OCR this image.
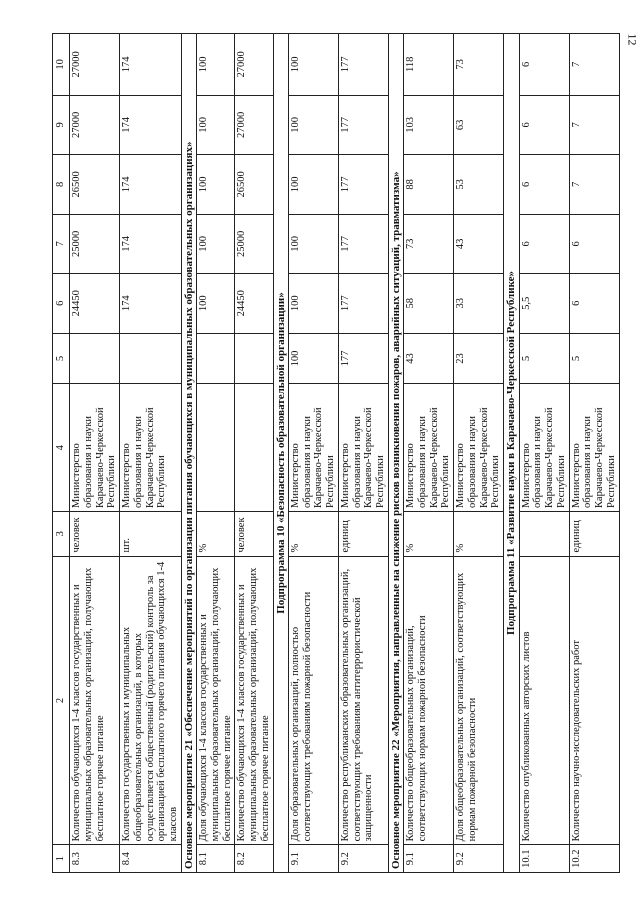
12
1	2	3	4	5	6	7	8	9	10
8.3	Количество обучающихся 1-4 классов государственных и муниципальных образовательных организаций, получающих бесплатное горячее питание	человек	Министерство образования и науки Карачаево-Черкесской Республики		24450	25000	26500	27000	27000
8.4	Количество государственных и муниципальных общеобразовательных организаций, в которых осуществляется общественный (родительский) контроль за организацией бесплатного горячего питания обучающихся 1-4 классов	шт.	Министерство образования и науки Карачаево-Черкесской Республики		174	174	174	174	174
Основное мероприятие 21 «Обеспечение мероприятий по организации питания обучающихся в муниципальных образовательных организациях»									
8.1	Доля обучающихся 1-4 классов государственных и муниципальных образовательных организаций, получающих бесплатное горячее питание	%			100	100	100	100	100
8.2	Количество обучающихся 1-4 классов государственных и муниципальных образовательных организаций, получающих бесплатное горячее питание	человек			24450	25000	26500	27000	27000
Подпрограмма 10 «Безопасность образовательной организации»									
9.1	Доля образовательных организаций, полностью соответствующих требованиям пожарной безопасности	%	Министерство образования и науки Карачаево-Черкесской Республики	100	100	100	100	100	100
9.2	Количество республиканских образовательных организаций, соответствующих требованиям антитеррористической защищенности	единиц	Министерство образования и науки Карачаево-Черкесской Республики	177	177	177	177	177	177
Основное мероприятие 22 «Мероприятия, направленные на снижение рисков возникновения пожаров, аварийных ситуаций, травматизма»									
9.1	Количество общеобразовательных организаций, соответствующих нормам пожарной безопасности	%	Министерство образования и науки Карачаево-Черкесской Республики	43	58	73	88	103	118
9.2	Доля общеобразовательных организаций, соответствующих нормам пожарной безопасности	%	Министерство образования и науки Карачаево-Черкесской Республики	23	33	43	53	63	73
Подпрограмма 11 «Развитие науки в Карачаево-Черкесской Республике»									
10.1	Количество опубликованных авторских листов		Министерство образования и науки Карачаево-Черкесской Республики	5	5,5	6	6	6	6
10.2	Количество научно-исследовательских работ	единиц	Министерство образования и науки Карачаево-Черкесской Республики	5	6	6	7	7	7
